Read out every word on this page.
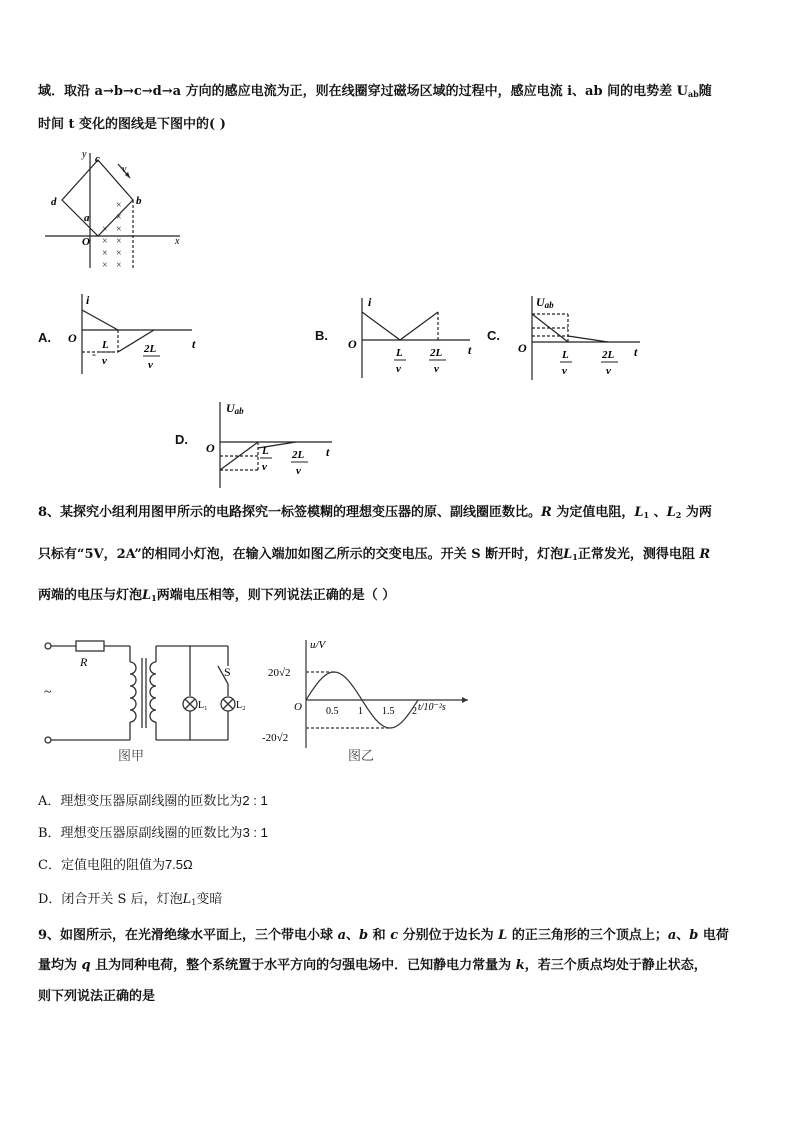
域．取沿 a→b→c→d→a 方向的感应电流为正，则在线圈穿过磁场区域的过程中，感应电流 i、ab 间的电势差 $U_{ab}$随
时间 t 变化的图线是下图中的( )
y
x
c
d
a
b
O
v
×
×
×
×
×
×
×
×
×
×
A.
i
O	t
-
L
v
2L
v
B.
i
O	t
L
v
2L
v
C.
Uab
O	t
L
v
2L
v
D.
Uab
O	t
L
v
2L
v
8、某探究小组利用图甲所示的电路探究一标签模糊的理想变压器的原、副线圈匝数比。R 为定值电阻，$L_1$ 、$L_2$ 为两
只标有“5V，2A”的相同小灯泡，在输入端加如图乙所示的交变电压。开关 S 断开时，灯泡$L_1$正常发光，测得电阻 R
两端的电压与灯泡$L_1$两端电压相等，则下列说法正确的是（ ）
R
~
S
L₁	L₂
图甲
u/V
20√2
-20√2
O 0.5 1 1.5 2 t/10⁻²s
图乙
A．理想变压器原副线圈的匝数比为2 : 1
B．理想变压器原副线圈的匝数比为3 : 1
C．定值电阻的阻值为7.5Ω
D．闭合开关 S 后，灯泡$L_1$变暗
9、如图所示，在光滑绝缘水平面上，三个带电小球 a、b 和 c 分别位于边长为 L 的正三角形的三个顶点上；a、b 电荷
量均为 q 且为同种电荷，整个系统置于水平方向的匀强电场中．已知静电力常量为 k，若三个质点均处于静止状态，
则下列说法正确的是
